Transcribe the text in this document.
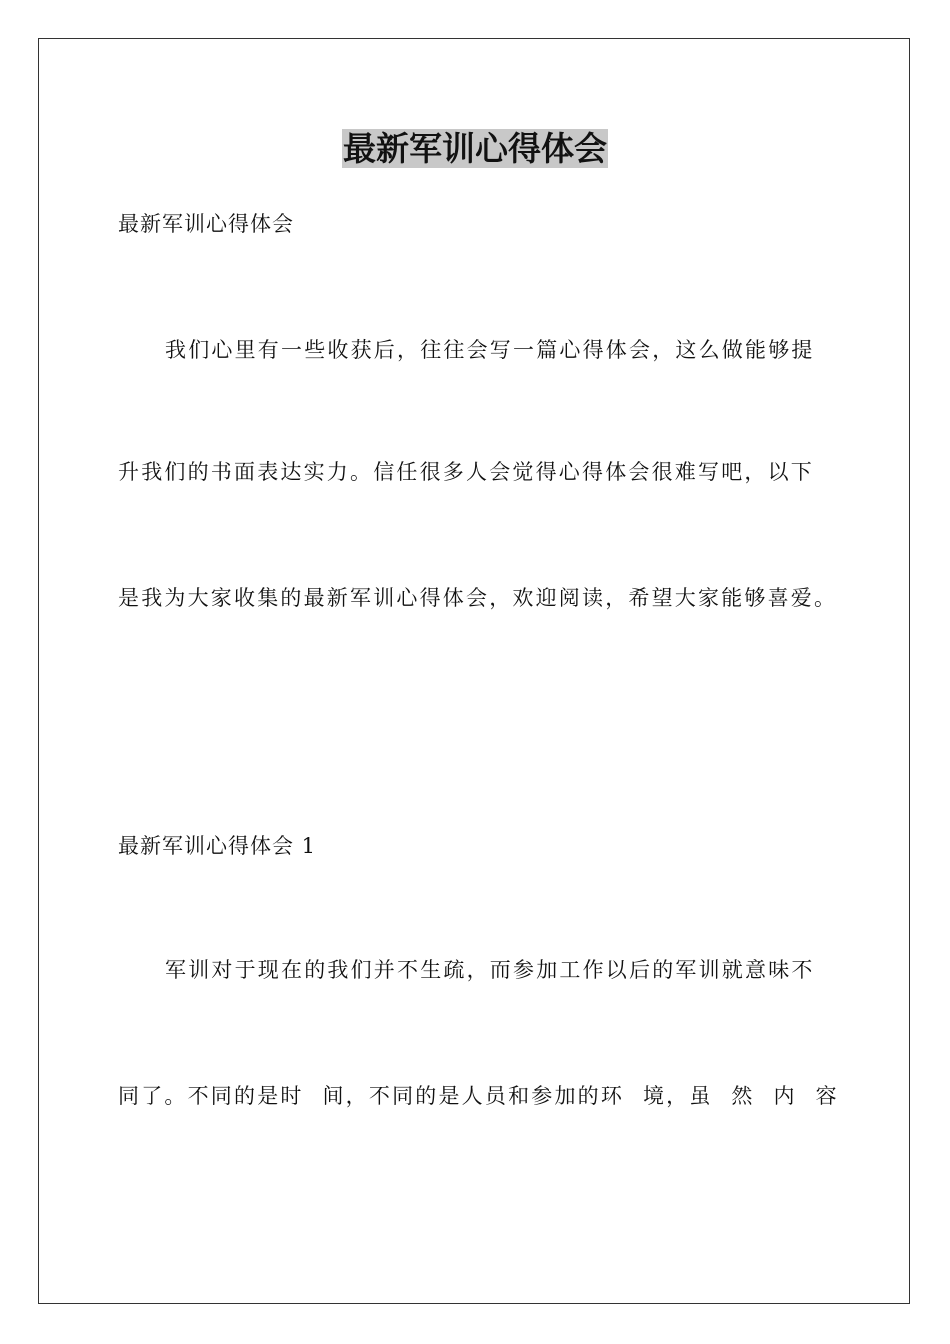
最新军训心得体会

最新军训心得体会

我们心里有一些收获后，往往会写一篇心得体会，这么做能够提

升我们的书面表达实力。信任很多人会觉得心得体会很难写吧，以下

是我为大家收集的最新军训心得体会，欢迎阅读，希望大家能够喜爱。

最新军训心得体会 1

军训对于现在的我们并不生疏，而参加工作以后的军训就意味不

同了。不同的是时 间，不同的是人员和参加的环 境，虽 然 内 容
